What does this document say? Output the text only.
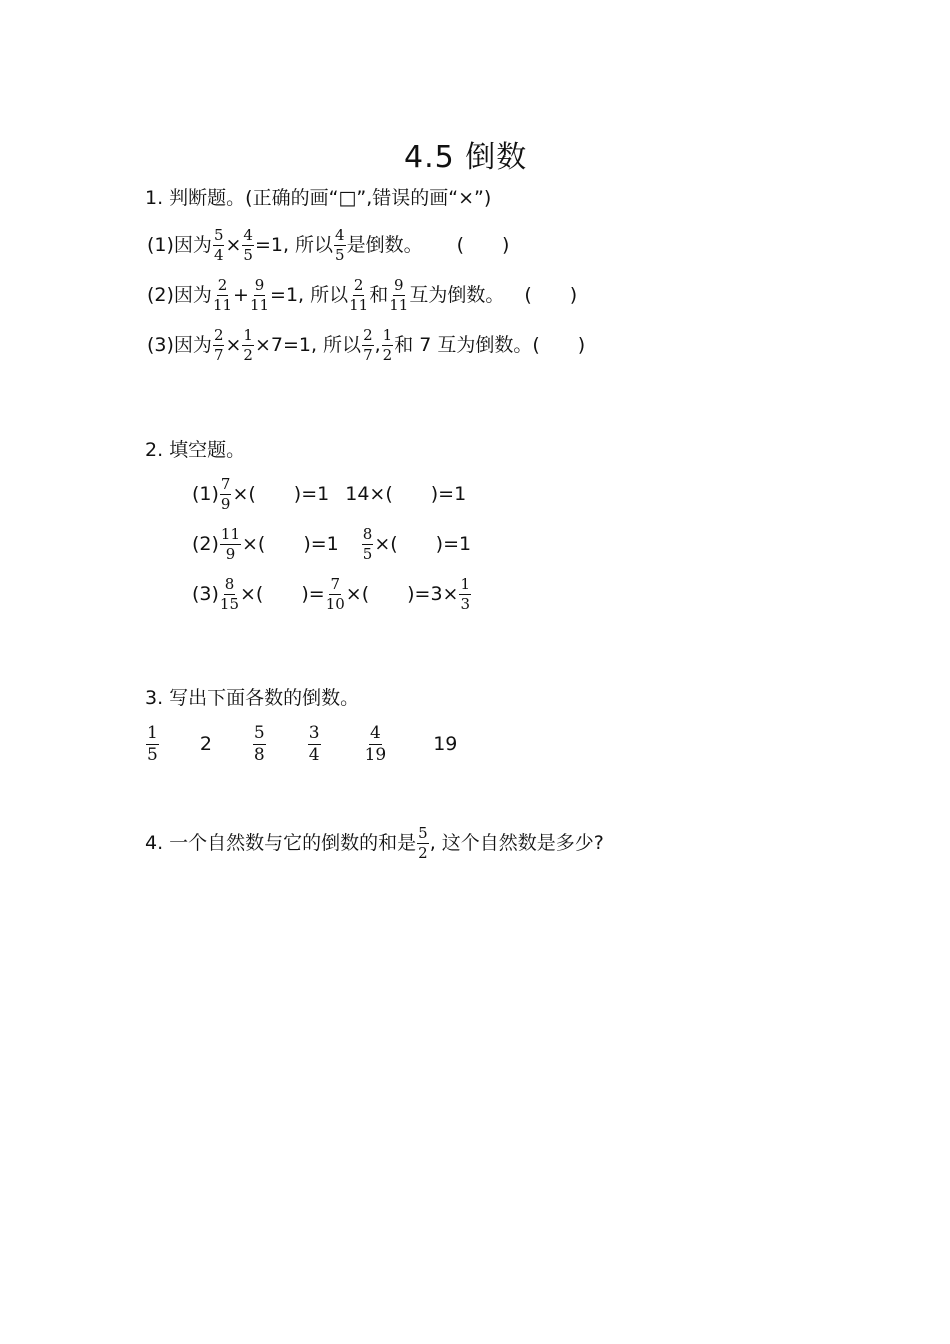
4.5 倒数
1. 判断题。(正确的画“□”,错误的画“×”)
(1) 因为 $\frac{5}{4} \times \frac{4}{5} =1$, 所以 $\frac{4}{5}$ 是倒数。 (　　)
(2) 因为 $\frac{2}{11} + \frac{9}{11} =1$, 所以 $\frac{2}{11}$ 和 $\frac{9}{11}$ 互为倒数。 (　　)
(3) 因为 $\frac{2}{7} \times \frac{1}{2} \times 7=1$, 所以 $\frac{2}{7}$ , $\frac{1}{2}$ 和 7 互为倒数。 (　　)
2. 填空题。
$(1) \frac{7}{9}$ ×(　　)=1 14×(　　)=1
$(2) \frac{11}{9}$ ×(　　)$=1 \frac{8}{5}$ ×(　　)=1
$(3) \frac{8}{15}$ ×(　　)= $\frac{7}{10}$ ×(　　)$=3\times \frac{1}{3}$
3. 写出下面各数的倒数。
$\frac{1}{5} 2 \frac{5}{8} \frac{3}{4}$	$\frac{4}{19} 19$
4. 一个自然数与它的倒数的和是 $\frac{5}{2}$ , 这个自然数是多少?
